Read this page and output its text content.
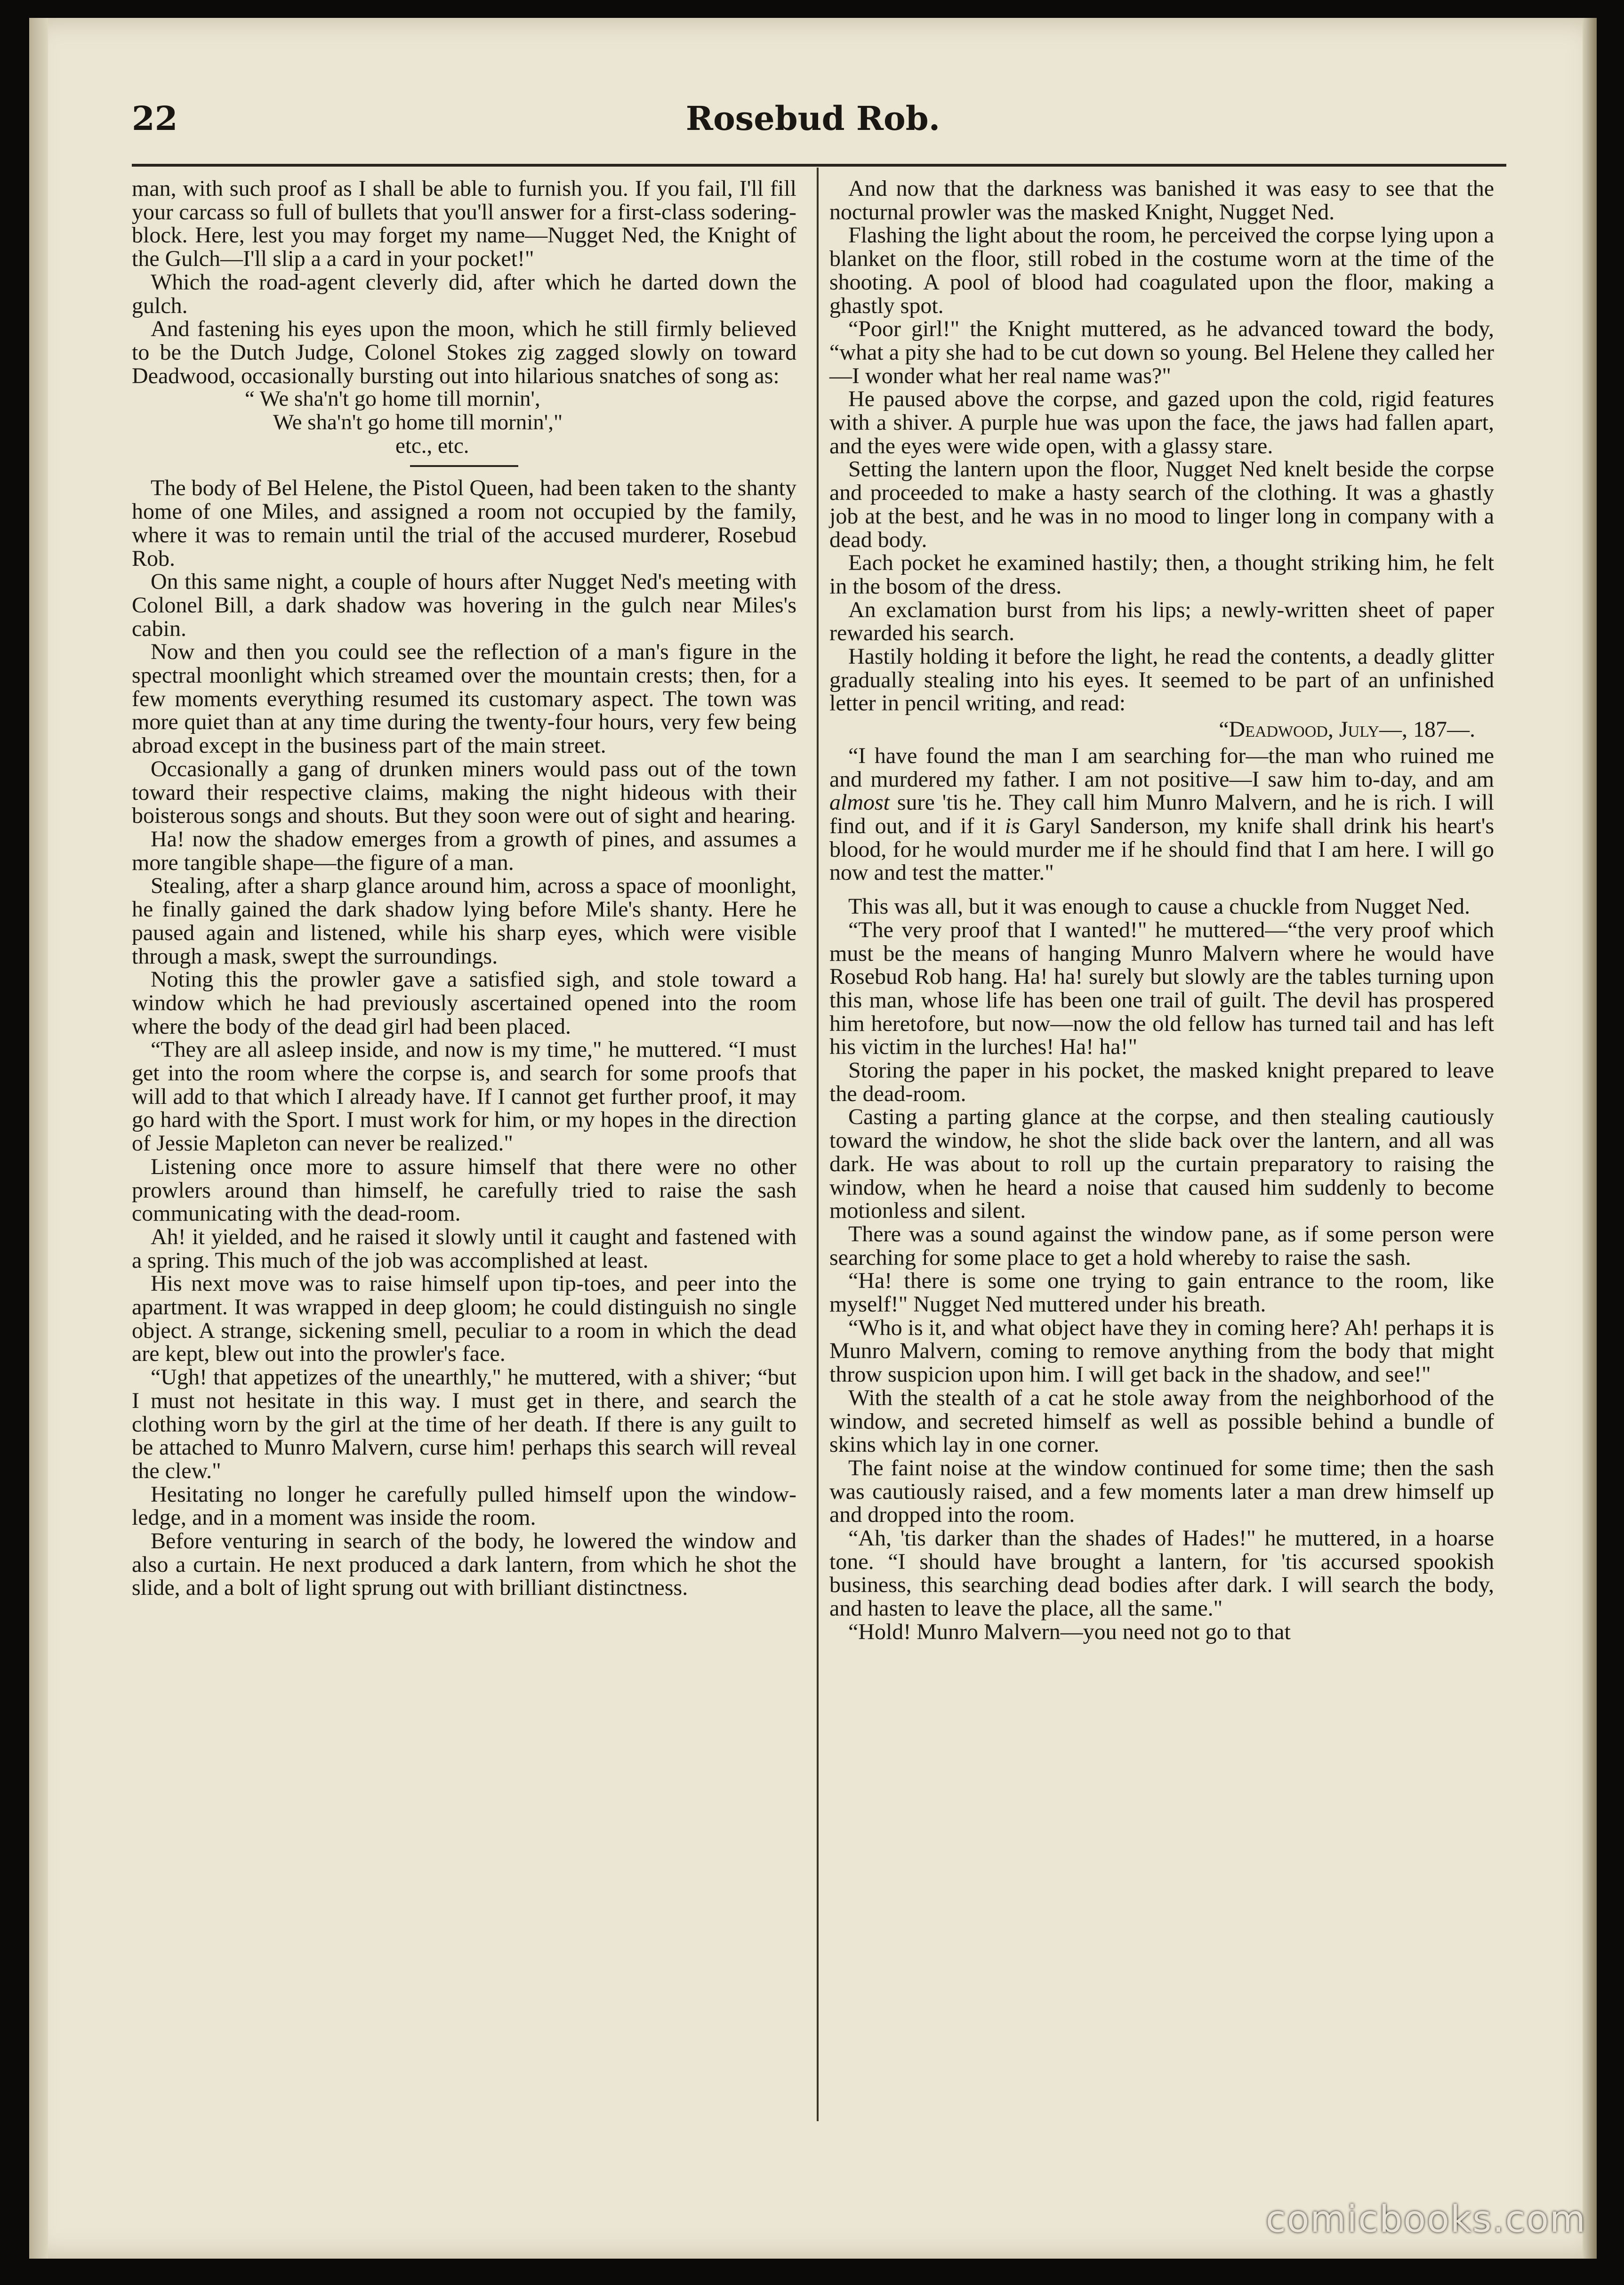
22	Rosebud Rob.

man, with such proof as I shall be able to furnish you. If you fail, I'll fill your carcass so full of bullets that you'll answer for a first-class sodering-block. Here, lest you may forget my name—Nugget Ned, the Knight of the Gulch—I'll slip a a card in your pocket!"

Which the road-agent cleverly did, after which he darted down the gulch.

And fastening his eyes upon the moon, which he still firmly believed to be the Dutch Judge, Colonel Stokes zig zagged slowly on toward Deadwood, occasionally bursting out into hilarious snatches of song as:

“ We sha'n't go home till mornin',
We sha'n't go home till mornin',"
etc., etc.

The body of Bel Helene, the Pistol Queen, had been taken to the shanty home of one Miles, and assigned a room not occupied by the family, where it was to remain until the trial of the accused murderer, Rosebud Rob.

On this same night, a couple of hours after Nugget Ned's meeting with Colonel Bill, a dark shadow was hovering in the gulch near Miles's cabin.

Now and then you could see the reflection of a man's figure in the spectral moonlight which streamed over the mountain crests; then, for a few moments everything resumed its customary aspect. The town was more quiet than at any time during the twenty-four hours, very few being abroad except in the business part of the main street.

Occasionally a gang of drunken miners would pass out of the town toward their respective claims, making the night hideous with their boisterous songs and shouts. But they soon were out of sight and hearing.

Ha! now the shadow emerges from a growth of pines, and assumes a more tangible shape—the figure of a man.

Stealing, after a sharp glance around him, across a space of moonlight, he finally gained the dark shadow lying before Mile's shanty. Here he paused again and listened, while his sharp eyes, which were visible through a mask, swept the surroundings.

Noting this the prowler gave a satisfied sigh, and stole toward a window which he had previously ascertained opened into the room where the body of the dead girl had been placed.

“They are all asleep inside, and now is my time," he muttered. “I must get into the room where the corpse is, and search for some proofs that will add to that which I already have. If I cannot get further proof, it may go hard with the Sport. I must work for him, or my hopes in the direction of Jessie Mapleton can never be realized."

Listening once more to assure himself that there were no other prowlers around than himself, he carefully tried to raise the sash communicating with the dead-room.

Ah! it yielded, and he raised it slowly until it caught and fastened with a spring. This much of the job was accomplished at least.

His next move was to raise himself upon tip-toes, and peer into the apartment. It was wrapped in deep gloom; he could distinguish no single object. A strange, sickening smell, peculiar to a room in which the dead are kept, blew out into the prowler's face.

“Ugh! that appetizes of the unearthly," he muttered, with a shiver; “but I must not hesitate in this way. I must get in there, and search the clothing worn by the girl at the time of her death. If there is any guilt to be attached to Munro Malvern, curse him! perhaps this search will reveal the clew."

Hesitating no longer he carefully pulled himself upon the window-ledge, and in a moment was inside the room.

Before venturing in search of the body, he lowered the window and also a curtain. He next produced a dark lantern, from which he shot the slide, and a bolt of light sprung out with brilliant distinctness.

And now that the darkness was banished it was easy to see that the nocturnal prowler was the masked Knight, Nugget Ned.

Flashing the light about the room, he perceived the corpse lying upon a blanket on the floor, still robed in the costume worn at the time of the shooting. A pool of blood had coagulated upon the floor, making a ghastly spot.

“Poor girl!" the Knight muttered, as he advanced toward the body, “what a pity she had to be cut down so young. Bel Helene they called her—I wonder what her real name was?"

He paused above the corpse, and gazed upon the cold, rigid features with a shiver. A purple hue was upon the face, the jaws had fallen apart, and the eyes were wide open, with a glassy stare.

Setting the lantern upon the floor, Nugget Ned knelt beside the corpse and proceeded to make a hasty search of the clothing. It was a ghastly job at the best, and he was in no mood to linger long in company with a dead body.

Each pocket he examined hastily; then, a thought striking him, he felt in the bosom of the dress.

An exclamation burst from his lips; a newly-written sheet of paper rewarded his search.

Hastily holding it before the light, he read the contents, a deadly glitter gradually stealing into his eyes. It seemed to be part of an unfinished letter in pencil writing, and read:

“Deadwood, July—, 187—.

“I have found the man I am searching for—the man who ruined me and murdered my father. I am not positive—I saw him to-day, and am almost sure 'tis he. They call him Munro Malvern, and he is rich. I will find out, and if it is Garyl Sanderson, my knife shall drink his heart's blood, for he would murder me if he should find that I am here. I will go now and test the matter."

This was all, but it was enough to cause a chuckle from Nugget Ned.

“The very proof that I wanted!" he muttered—“the very proof which must be the means of hanging Munro Malvern where he would have Rosebud Rob hang. Ha! ha! surely but slowly are the tables turning upon this man, whose life has been one trail of guilt. The devil has prospered him heretofore, but now—now the old fellow has turned tail and has left his victim in the lurches! Ha! ha!"

Storing the paper in his pocket, the masked knight prepared to leave the dead-room.

Casting a parting glance at the corpse, and then stealing cautiously toward the window, he shot the slide back over the lantern, and all was dark. He was about to roll up the curtain preparatory to raising the window, when he heard a noise that caused him suddenly to become motionless and silent.

There was a sound against the window pane, as if some person were searching for some place to get a hold whereby to raise the sash.

“Ha! there is some one trying to gain entrance to the room, like myself!" Nugget Ned muttered under his breath.

“Who is it, and what object have they in coming here? Ah! perhaps it is Munro Malvern, coming to remove anything from the body that might throw suspicion upon him. I will get back in the shadow, and see!"

With the stealth of a cat he stole away from the neighborhood of the window, and secreted himself as well as possible behind a bundle of skins which lay in one corner.

The faint noise at the window continued for some time; then the sash was cautiously raised, and a few moments later a man drew himself up and dropped into the room.

“Ah, 'tis darker than the shades of Hades!" he muttered, in a hoarse tone. “I should have brought a lantern, for 'tis accursed spookish business, this searching dead bodies after dark. I will search the body, and hasten to leave the place, all the same."

“Hold! Munro Malvern—you need not go to that

comicbooks.com
